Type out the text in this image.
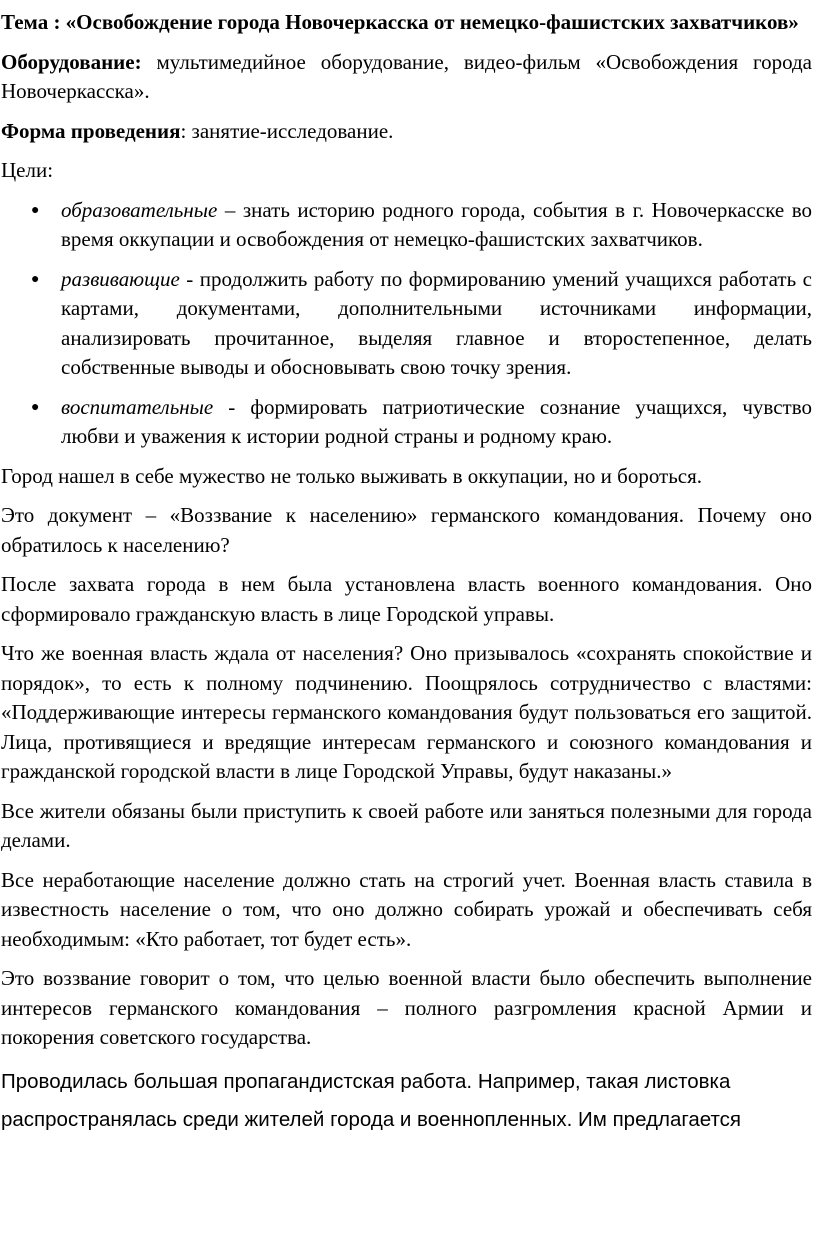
Тема : «Освобождение города Новочеркасска от немецко-фашистских захватчиков»

Оборудование: мультимедийное оборудование, видео-фильм «Освобождения города Новочеркасска».

Форма проведения: занятие-исследование.

Цели:

● образовательные – знать историю родного города, события в г. Новочеркасске во время оккупации и освобождения от немецко-фашистских захватчиков.
● развивающие - продолжить работу по формированию умений учащихся работать с картами, документами, дополнительными источниками информации, анализировать прочитанное, выделяя главное и второстепенное, делать собственные выводы и обосновывать свою точку зрения.
● воспитательные - формировать патриотические сознание учащихся, чувство любви и уважения к истории родной страны и родному краю.

Город нашел в себе мужество не только выживать в оккупации, но и бороться.

Это документ – «Воззвание к населению» германского командования. Почему оно обратилось к населению?

После захвата города в нем была установлена власть военного командования. Оно сформировало гражданскую власть в лице Городской управы.

Что же военная власть ждала от населения? Оно призывалось «сохранять спокойствие и порядок», то есть к полному подчинению. Поощрялось сотрудничество с властями: «Поддерживающие интересы германского командования будут пользоваться его защитой. Лица, противящиеся и вредящие интересам германского и союзного командования и гражданской городской власти в лице Городской Управы, будут наказаны.»

Все жители обязаны были приступить к своей работе или заняться полезными для города делами.

Все неработающие население должно стать на строгий учет. Военная власть ставила в известность население о том, что оно должно собирать урожай и обеспечивать себя необходимым: «Кто работает, тот будет есть».

Это воззвание говорит о том, что целью военной власти было обеспечить выполнение интересов германского командования – полного разгромления красной Армии и покорения советского государства.

Проводилась большая пропагандистская работа. Например, такая листовка распространялась среди жителей города и военнопленных. Им предлагается
